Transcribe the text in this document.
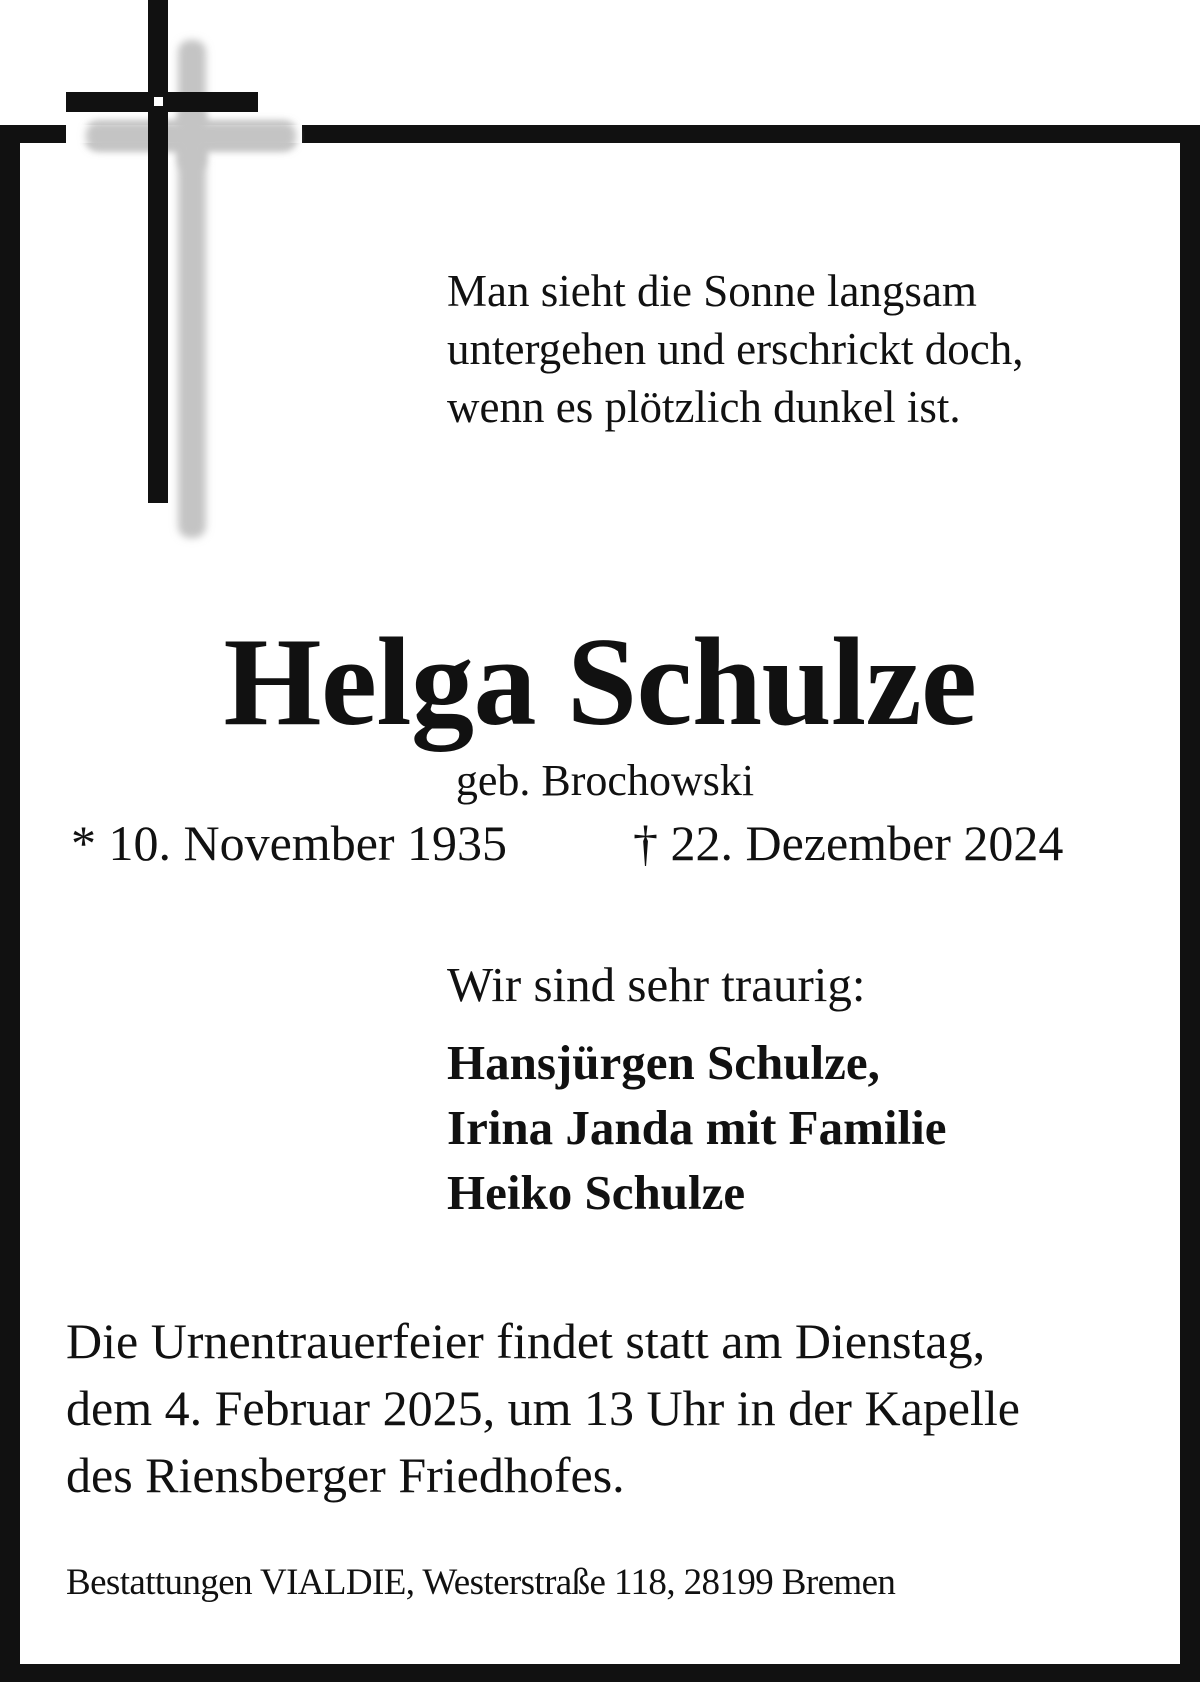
Man sieht die Sonne langsam
untergehen und erschrickt doch,
wenn es plötzlich dunkel ist.
Helga Schulze
geb. Brochowski
* 10. November 1935	† 22. Dezember 2024
Wir sind sehr traurig:
Hansjürgen Schulze,
Irina Janda mit Familie
Heiko Schulze
Die Urnentrauerfeier findet statt am Dienstag,
dem 4. Februar 2025, um 13 Uhr in der Kapelle
des Riensberger Friedhofes.
Bestattungen VIALDIE, Westerstraße 118, 28199 Bremen
